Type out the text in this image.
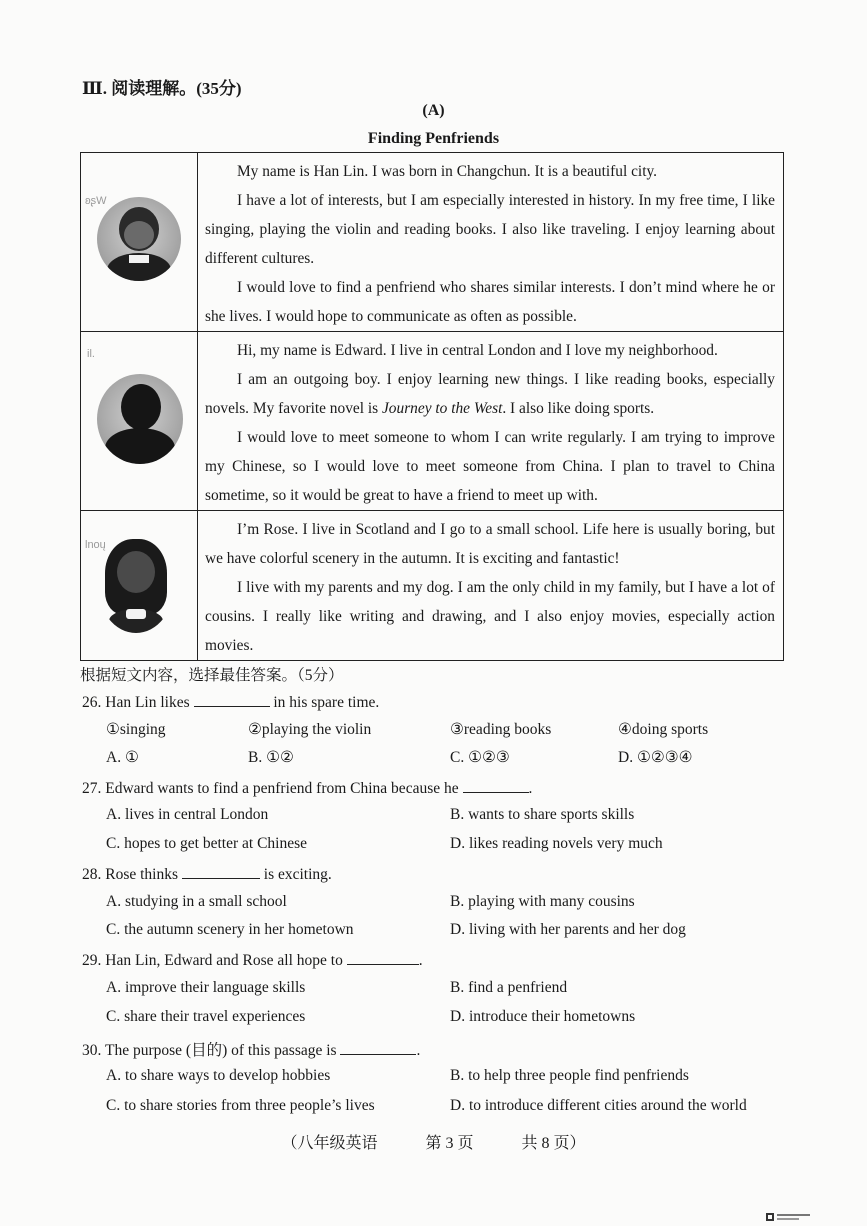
Ⅲ. 阅读理解。(35分)
(A)
Finding Penfriends
ʚʂW	My name is Han Lin. I was born in Changchun. It is a beautiful city.

I have a lot of interests, but I am especially interested in history. In my free time, I like singing, playing the violin and reading books. I also like traveling. I enjoy learning about different cultures.

I would love to find a penfriend who shares similar interests. I don’t mind where he or she lives. I would hope to communicate as often as possible.

il.	Hi, my name is Edward. I live in central London and I love my neighborhood.

I am an outgoing boy. I enjoy learning new things. I like reading books, especially novels. My favorite novel is Journey to the West. I also like doing sports.

I would love to meet someone to whom I can write regularly. I am trying to improve my Chinese, so I would love to meet someone from China. I plan to travel to China sometime, so it would be great to have a friend to meet up with.

lnoų	I’m Rose. I live in Scotland and I go to a small school. Life here is usually boring, but we have colorful scenery in the autumn. It is exciting and fantastic!

I live with my parents and my dog. I am the only child in my family, but I have a lot of cousins. I really like writing and drawing, and I also enjoy movies, especially action movies.

根据短文内容，选择最佳答案。（5分）
26. Han Lin likes	in his spare time.
①singing	②playing the violin	③reading books	④doing sports
A. ①	B. ①②	C. ①②③	D. ①②③④
27. Edward wants to find a penfriend from China because he	.
A. lives in central London	B. wants to share sports skills
C. hopes to get better at Chinese	D. likes reading novels very much
28. Rose thinks	is exciting.
A. studying in a small school	B. playing with many cousins
C. the autumn scenery in her hometown	D. living with her parents and her dog
29. Han Lin, Edward and Rose all hope to	.
A. improve their language skills	B. find a penfriend
C. share their travel experiences	D. introduce their hometowns
30. The purpose (目的) of this passage is	.
A. to share ways to develop hobbies	B. to help three people find penfriends
C. to share stories from three people’s lives	D. to introduce different cities around the world
（八年级英语	第 3 页	共 8 页）
